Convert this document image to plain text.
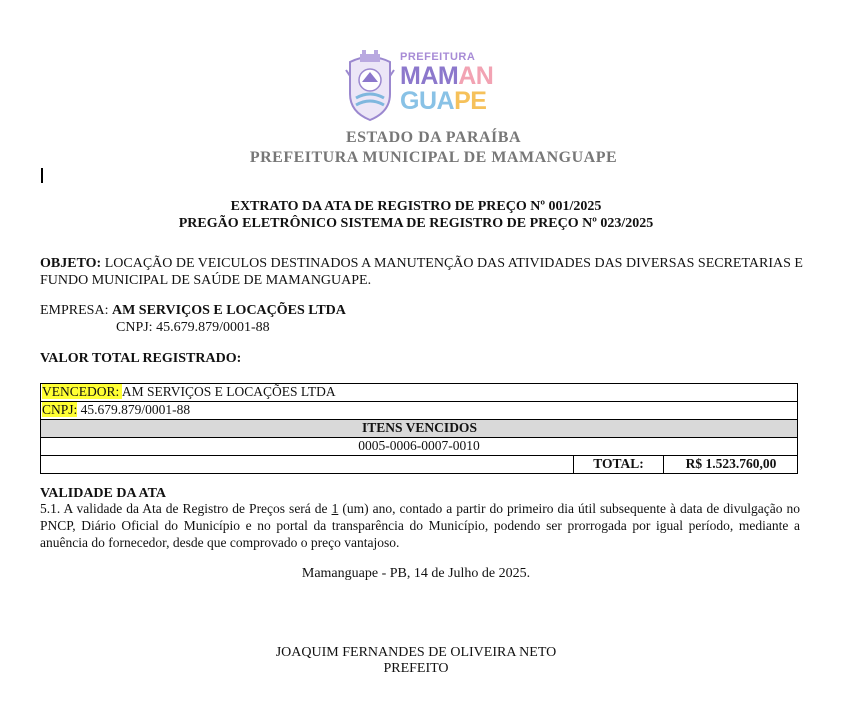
PREFEITURA
MAMAN
GUAPE
ESTADO DA PARAÍBA
PREFEITURA MUNICIPAL DE MAMANGUAPE
EXTRATO DA ATA DE REGISTRO DE PREÇO Nº 001/2025
PREGÃO ELETRÔNICO SISTEMA DE REGISTRO DE PREÇO Nº 023/2025
OBJETO: LOCAÇÃO DE VEICULOS DESTINADOS A MANUTENÇÃO DAS ATIVIDADES DAS DIVERSAS SECRETARIAS E FUNDO MUNICIPAL DE SAÚDE DE MAMANGUAPE.
EMPRESA: AM SERVIÇOS E LOCAÇÕES LTDA
CNPJ: 45.679.879/0001-88
VALOR TOTAL REGISTRADO:
VENCEDOR: AM SERVIÇOS E LOCAÇÕES LTDA
CNPJ: 45.679.879/0001-88
ITENS VENCIDOS
0005-0006-0007-0010
TOTAL:	R$ 1.523.760,00
VALIDADE DA ATA
5.1. A validade da Ata de Registro de Preços será de 1 (um) ano, contado a partir do primeiro dia útil subsequente à data de divulgação no PNCP, Diário Oficial do Município e no portal da transparência do Município, podendo ser prorrogada por igual período, mediante a anuência do fornecedor, desde que comprovado o preço vantajoso.
Mamanguape - PB, 14 de Julho de 2025.
JOAQUIM FERNANDES DE OLIVEIRA NETO
PREFEITO
